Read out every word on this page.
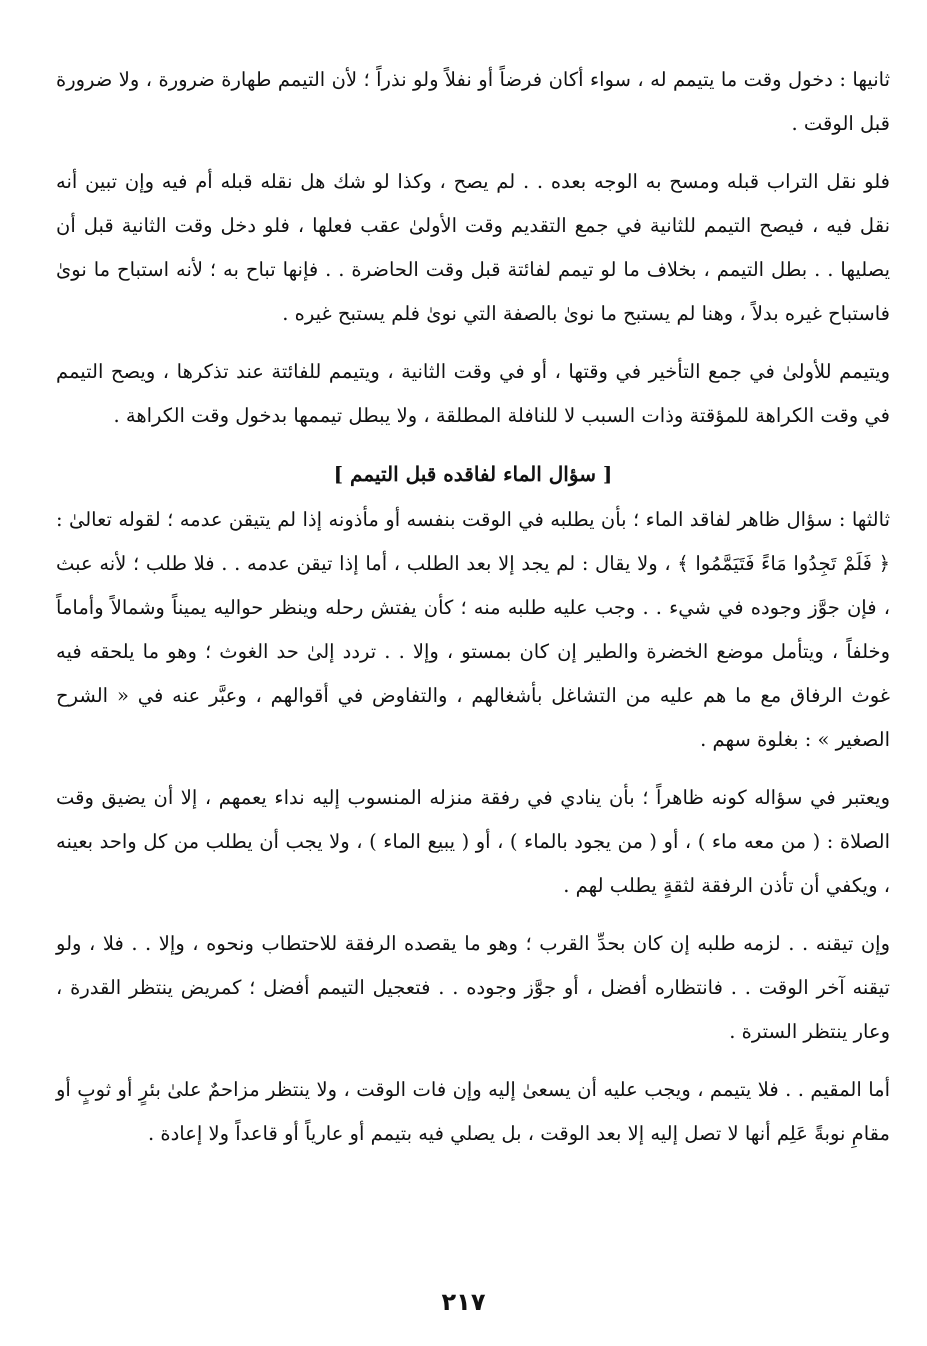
ثانيها : دخول وقت ما يتيمم له ، سواء أكان فرضاً أو نفلاً ولو نذراً ؛ لأن التيمم طهارة ضرورة ، ولا ضرورة قبل الوقت .

فلو نقل التراب قبله ومسح به الوجه بعده . . لم يصح ، وكذا لو شك هل نقله قبله أم فيه وإن تبين أنه نقل فيه ، فيصح التيمم للثانية في جمع التقديم وقت الأولىٰ عقب فعلها ، فلو دخل وقت الثانية قبل أن يصليها . . بطل التيمم ، بخلاف ما لو تيمم لفائتة قبل وقت الحاضرة . . فإنها تباح به ؛ لأنه استباح ما نوىٰ فاستباح غيره بدلاً ، وهنا لم يستبح ما نوىٰ بالصفة التي نوىٰ فلم يستبح غيره .

ويتيمم للأولىٰ في جمع التأخير في وقتها ، أو في وقت الثانية ، ويتيمم للفائتة عند تذكرها ، ويصح التيمم في وقت الكراهة للمؤقتة وذات السبب لا للنافلة المطلقة ، ولا يبطل تيممها بدخول وقت الكراهة .

[ سؤال الماء لفاقده قبل التيمم ]

ثالثها : سؤال ظاهر لفاقد الماء ؛ بأن يطلبه في الوقت بنفسه أو مأذونه إذا لم يتيقن عدمه ؛ لقوله تعالىٰ : ﴿ فَلَمْ تَجِدُوا مَاءً فَتَيَمَّمُوا ﴾ ، ولا يقال : لم يجد إلا بعد الطلب ، أما إذا تيقن عدمه . . فلا طلب ؛ لأنه عبث ، فإن جوَّز وجوده في شيء . . وجب عليه طلبه منه ؛ كأن يفتش رحله وينظر حواليه يميناً وشمالاً وأماماً وخلفاً ، ويتأمل موضع الخضرة والطير إن كان بمستو ، وإلا . . تردد إلىٰ حد الغوث ؛ وهو ما يلحقه فيه غوث الرفاق مع ما هم عليه من التشاغل بأشغالهم ، والتفاوض في أقوالهم ، وعبَّر عنه في « الشرح الصغير » : بغلوة سهم .

ويعتبر في سؤاله كونه ظاهراً ؛ بأن ينادي في رفقة منزله المنسوب إليه نداء يعمهم ، إلا أن يضيق وقت الصلاة : ( من معه ماء ) ، أو ( من يجود بالماء ) ، أو ( يبيع الماء ) ، ولا يجب أن يطلب من كل واحد بعينه ، ويكفي أن تأذن الرفقة لثقةٍ يطلب لهم .

وإن تيقنه . . لزمه طلبه إن كان بحدِّ القرب ؛ وهو ما يقصده الرفقة للاحتطاب ونحوه ، وإلا . . فلا ، ولو تيقنه آخر الوقت . . فانتظاره أفضل ، أو جوَّز وجوده . . فتعجيل التيمم أفضل ؛ كمريض ينتظر القدرة ، وعار ينتظر السترة .

أما المقيم . . فلا يتيمم ، ويجب عليه أن يسعىٰ إليه وإن فات الوقت ، ولا ينتظر مزاحمٌ علىٰ بئرٍ أو ثوبٍ أو مقامِ نوبةً عَلِم أنها لا تصل إليه إلا بعد الوقت ، بل يصلي فيه بتيمم أو عارياً أو قاعداً ولا إعادة .

٢١٧
